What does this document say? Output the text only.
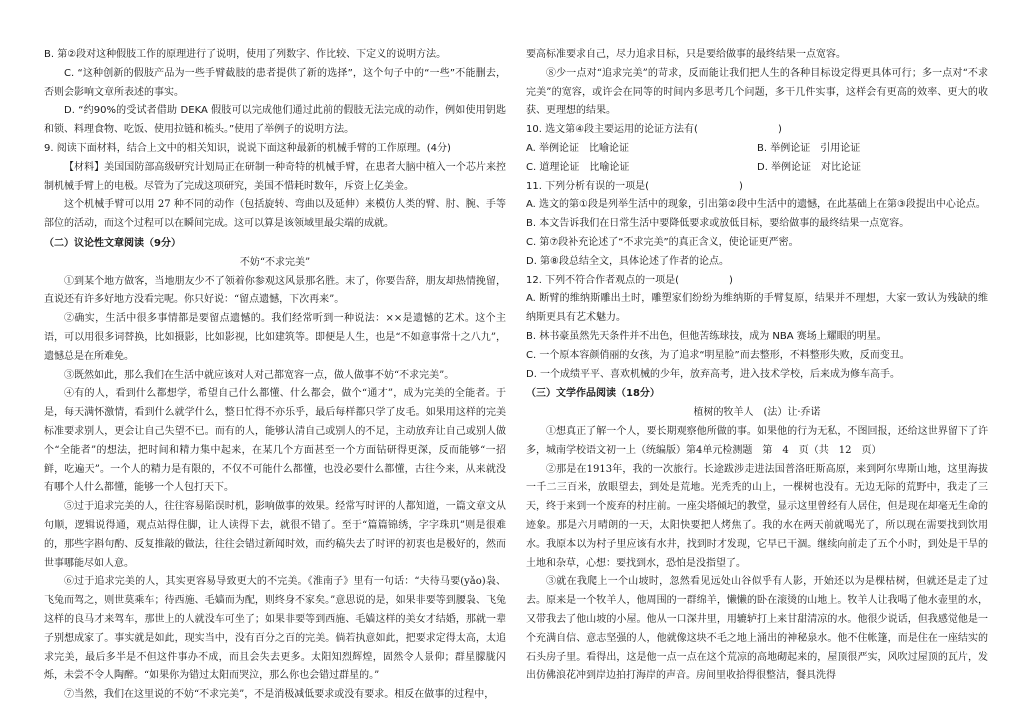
B. 第②段对这种假肢工作的原理进行了说明，使用了列数字、作比较、下定义的说明方法。

C. “这种创新的假肢产品为一些手臂截肢的患者提供了新的选择”，这个句子中的“一些”不能删去，否则会影响文章所表述的事实。

D. “约90%的受试者借助 DEKA 假肢可以完成他们通过此前的假肢无法完成的动作，例如使用钥匙和锁、料理食物、吃饭、使用拉链和梳头。”使用了举例子的说明方法。

9. 阅读下面材料，结合上文中的相关知识，说说下面这种最新的机械手臂的工作原理。(4分)

【材料】美国国防部高级研究计划局正在研制一种奇特的机械手臂，在患者大脑中植入一个芯片来控制机械手臂上的电极。尽管为了完成这项研究，美国不惜耗时数年，斥资上亿美金。

这个机械手臂可以用 27 种不同的动作（包括旋转、弯曲以及延伸）来模仿人类的臂、肘、腕、手等部位的活动，而这个过程可以在瞬间完成。这可以算是该领域里最尖端的成就。

（二）议论性文章阅读（9分）

不妨“不求完美”

①到某个地方做客，当地朋友少不了领着你参观这风景那名胜。末了，你要告辞，朋友却热情挽留，直说还有许多好地方没看完呢。你只好说：“留点遗憾，下次再来”。

②确实，生活中很多事情都是要留点遗憾的。我们经常听到一种说法：××是遗憾的艺术。这个主语，可以用很多词替换，比如摄影，比如影视，比如建筑等。即便是人生，也是“不如意事常十之八九”，遗憾总是在所难免。

③既然如此，那么我们在生活中就应该对人对己都宽容一点，做人做事不妨“不求完美”。

④有的人，看到什么都想学，希望自己什么都懂、什么都会，做个“通才”，成为完美的全能者。于是，每天满怀激情，看到什么就学什么，整日忙得不亦乐乎，最后每样都只学了皮毛。如果用这样的完美标准要求别人，更会让自己失望不已。而有的人，能够认清自己或别人的不足，主动放弃让自己或别人做个“全能者”的想法，把时间和精力集中起来，在某几个方面甚至一个方面钻研得更深，反而能够“一招鲜，吃遍天”。一个人的精力是有限的，不仅不可能什么都懂，也没必要什么都懂，古往今来，从来就没有哪个人什么都懂，能够一个人包打天下。

⑤过于追求完美的人，往往容易陷误时机，影响做事的效果。经常写时评的人都知道，一篇文章文从句顺，逻辑说得通，观点站得住脚，让人读得下去，就很不错了。至于“篇篇锦绣，字字珠玑”则是很难的，那些字斟句酌、反复推敲的做法，往往会错过新闻时效，而约稿失去了时评的初衷也是极好的，然而世事哪能尽如人意。

⑥过于追求完美的人，其实更容易导致更大的不完美。《淮南子》里有一句话：“夫待马要(yǎo)袅、飞兔而驾之，则世莫乘车；待西施、毛嫱而为配，则终身不家矣。”意思说的是，如果非要等到腰袅、飞兔这样的良马才来驾车，那世上的人就没车可坐了；如果非要等到西施、毛嫱这样的美女才结婚，那就一辈子别想成家了。事实就是如此，现实当中，没有百分之百的完美。倘若执意如此，把要求定得太高，太追求完美，最后多半是不但这件事办不成，而且会失去更多。太阳知烈辉煌，固然令人景仰；群星朦胧闪烁，未尝不令人陶醉。“如果你为错过太阳而哭泣，那么你也会错过群星的。”

⑦当然，我们在这里说的不妨“不求完美”，不是消极减低要求或没有要求。相反在做事的过程中，

要高标准要求自己，尽力追求目标，只是要给做事的最终结果一点宽容。

⑧少一点对“追求完美”的苛求，反而能让我们把人生的各种目标设定得更具体可行；多一点对“不求完美”的宽容，或许会在同等的时间内多思考几个问题，多干几件实事，这样会有更高的效率、更大的收获、更理想的结果。

10. 选文第④段主要运用的论证方法有(　　　　　　　　)

A. 举例论证　比喻论证	B. 举例论证　引用论证
C. 道理论证　比喻论证	D. 举例论证　对比论证

11. 下列分析有误的一项是(　　　　　　　　　)

A. 选文的第①段是列举生活中的现象，引出第②段中生活中的遗憾，在此基础上在第③段提出中心论点。

B. 本文告诉我们在日常生活中要降低要求或放低目标，要给做事的最终结果一点宽容。

C. 第⑦段补充论述了“不求完美”的真正含义，使论证更严密。

D. 第⑧段总结全文，具体论述了作者的论点。

12. 下列不符合作者观点的一项是(　　　　　)

A. 断臂的维纳斯雕出土时，雕塑家们纷纷为维纳斯的手臂复原，结果并不理想，大家一致认为残缺的维纳斯更具有艺术魅力。

B. 林书豪虽然先天条件并不出色，但他苦练球技，成为 NBA 赛场上耀眼的明星。

C. 一个原本容颜俏丽的女孩，为了追求“明星脸”而去整形，不料整形失败，反而变丑。

D. 一个成绩平平、喜欢机械的少年，放弃高考，进入技术学校，后来成为修车高手。

（三）文学作品阅读（18分）

植树的牧羊人　(法）让·乔诺

①想真正了解一个人，要长期观察他所做的事。如果他的行为无私，不图回报，还给这世界留下了许多，城南学校语文初一上（统编版）第4单元检测题　第　4　页（共　12　页）

②那是在1913年，我的一次旅行。长途跋涉走进法国普洛旺斯高原，来到阿尔卑斯山地，这里海拔一千二三百米，放眼望去，到处是荒地。光秃秃的山上，一棵树也没有。无边无际的荒野中，我走了三天，终于来到一个废弃的村庄前。一座尖塔倾圮的教堂，显示这里曾经有人居住，但是现在却毫无生命的迹象。那是六月晴朗的一天，太阳快要把人烤焦了。我的水在两天前就喝光了，所以现在需要找到饮用水。我原本以为村子里应该有水井，找到时才发现，它早已干涸。继续向前走了五个小时，到处是干旱的土地和杂草，心想：要找到水，恐怕是没指望了。

③就在我爬上一个山坡时，忽然看见远处山谷似乎有人影，开始还以为是棵枯树，但就还是走了过去。原来是一个牧羊人，他周围的一群绵羊，懒懒的卧在滚烫的山地上。牧羊人让我喝了他水壶里的水，又带我去了他山坡的小屋。他从一口深井里，用辘轳打上来甘甜清凉的水。他很少说话，但我感觉他是一个充满自信、意志坚强的人，他就像这块不毛之地上涌出的神秘泉水。他不住帐篷，而是住在一座结实的石头房子里。看得出，这是他一点一点在这个荒凉的高地砌起来的，屋顶很严实，风吹过屋顶的瓦片，发出仿佛浪花冲到岸边拍打海岸的声音。房间里收拾得很整洁，餐具洗得
